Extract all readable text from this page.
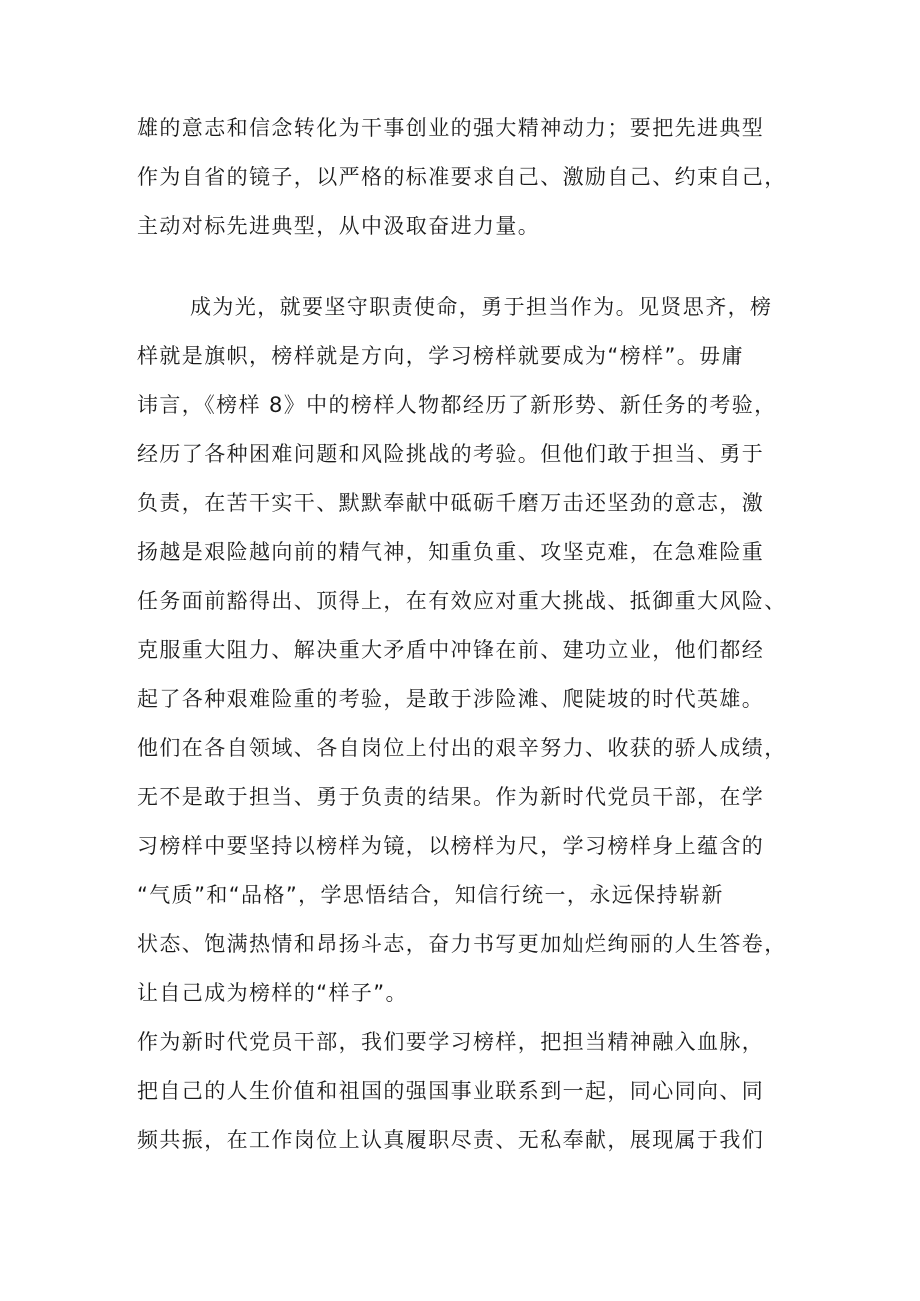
雄的意志和信念转化为干事创业的强大精神动力；要把先进典型
作为自省的镜子，以严格的标准要求自己、激励自己、约束自己，
主动对标先进典型，从中汲取奋进力量。
成为光，就要坚守职责使命，勇于担当作为。见贤思齐，榜
样就是旗帜，榜样就是方向，学习榜样就要成为“榜样”。毋庸
讳言，《榜样 8》中的榜样人物都经历了新形势、新任务的考验，
经历了各种困难问题和风险挑战的考验。但他们敢于担当、勇于
负责，在苦干实干、默默奉献中砥砺千磨万击还坚劲的意志，激
扬越是艰险越向前的精气神，知重负重、攻坚克难，在急难险重
任务面前豁得出、顶得上，在有效应对重大挑战、抵御重大风险、
克服重大阻力、解决重大矛盾中冲锋在前、建功立业，他们都经
起了各种艰难险重的考验，是敢于涉险滩、爬陡坡的时代英雄。
他们在各自领域、各自岗位上付出的艰辛努力、收获的骄人成绩，
无不是敢于担当、勇于负责的结果。作为新时代党员干部，在学
习榜样中要坚持以榜样为镜，以榜样为尺，学习榜样身上蕴含的
“气质”和“品格”，学思悟结合，知信行统一，永远保持崭新
状态、饱满热情和昂扬斗志，奋力书写更加灿烂绚丽的人生答卷，
让自己成为榜样的“样子”。
作为新时代党员干部，我们要学习榜样，把担当精神融入血脉，
把自己的人生价值和祖国的强国事业联系到一起，同心同向、同
频共振，在工作岗位上认真履职尽责、无私奉献，展现属于我们
